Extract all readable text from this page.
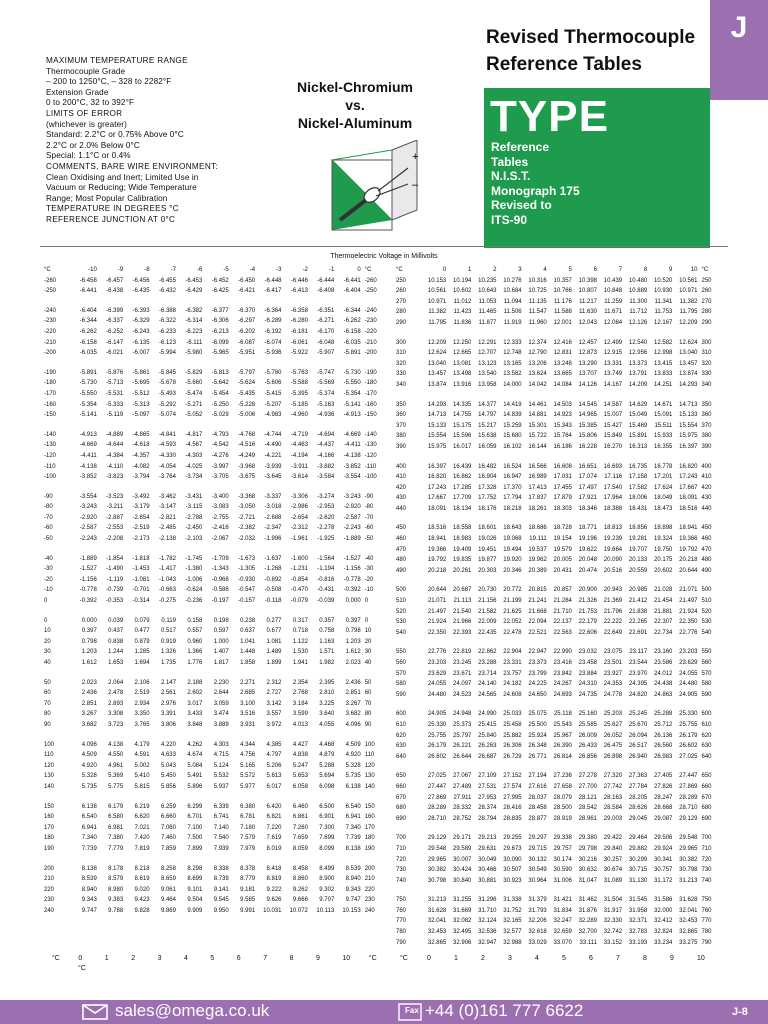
J
MAXIMUM TEMPERATURE RANGE
Thermocouple Grade
– 200 to 1250°C, – 328 to 2282°F
Extension Grade
0 to 200°C, 32 to 392°F
LIMITS OF ERROR
(whichever is greater)
Standard: 2.2°C or 0.75% Above 0°C
2.2°C or 2.0% Below 0°C
Special: 1.1°C or 0.4%
COMMENTS, BARE WIRE ENVIRONMENT:
Clean Oxidising and Inert; Limited Use in
Vacuum or Reducing; Wide Temperature
Range; Most Popular Calibration
TEMPERATURE IN DEGREES °C
REFERENCE JUNCTION AT 0°C
Nickel-Chromium
vs.
Nickel-Aluminum
+
–
Revised Thermocouple
Reference Tables
TYPE
Reference
Tables
N.I.S.T.
Monograph 175
Revised to
ITS-90
Thermoelectric Voltage in Millivolts
°C	-10	-9	-8	-7	-6	-5	-4	-3	-2	-1	0	°C
-260	-6.458	-6.457	-6.456	-6.455	-6.453	-6.452	-6.450	-6.448	-6.446	-6.444	-6.441	-260
-250	-6.441	-6.438	-6.435	-6.432	-6.429	-6.425	-6.421	-6.417	-6.413	-6.408	-6.404	-250

-240	-6.404	-6.399	-6.393	-6.388	-6.382	-6.377	-6.370	-6.364	-6.358	-6.351	-6.344	-240
-230	-6.344	-6.337	-6.329	-6.322	-6.314	-6.306	-6.297	-6.289	-6.280	-6.271	-6.262	-230
-220	-6.262	-6.252	-6.243	-6.233	-6.223	-6.213	-6.202	-6.192	-6.181	-6.170	-6.158	-220
-210	-6.158	-6.147	-6.135	-6.123	-6.111	-6.099	-6.087	-6.074	-6.061	-6.048	-6.035	-210
-200	-6.035	-6.021	-6.007	-5.994	-5.980	-5.965	-5.951	-5.936	-5.922	-5.907	-5.891	-200

-190	-5.891	-5.876	-5.861	-5.845	-5.829	-5.813	-5.797	-5.780	-5.763	-5.747	-5.730	-190
-180	-5.730	-5.713	-5.695	-5.678	-5.660	-5.642	-5.624	-5.606	-5.588	-5.569	-5.550	-180
-170	-5.550	-5.531	-5.512	-5.493	-5.474	-5.454	-5.435	-5.415	-5.395	-5.374	-5.354	-170
-160	-5.354	-5.333	-5.313	-5.292	-5.271	-5.250	-5.228	-5.207	-5.185	-5.163	-5.141	-160
-150	-5.141	-5.119	-5.097	-5.074	-5.052	-5.029	-5.006	-4.983	-4.960	-4.936	-4.913	-150

-140	-4.913	-4.889	-4.865	-4.841	-4.817	-4.793	-4.768	-4.744	-4.719	-4.694	-4.669	-140
-130	-4.669	-4.644	-4.618	-4.593	-4.567	-4.542	-4.516	-4.490	-4.463	-4.437	-4.411	-130
-120	-4.411	-4.384	-4.357	-4.330	-4.303	-4.276	-4.249	-4.221	-4.194	-4.166	-4.138	-120
-110	-4.138	-4.110	-4.082	-4.054	-4.025	-3.997	-3.968	-3.939	-3.911	-3.882	-3.852	-110
-100	-3.852	-3.823	-3.794	-3.764	-3.734	-3.705	-3.675	-3.645	-3.614	-3.584	-3.554	-100

-90	-3.554	-3.523	-3.492	-3.462	-3.431	-3.400	-3.368	-3.337	-3.306	-3.274	-3.243	-90
-80	-3.243	-3.211	-3.179	-3.147	-3.115	-3.083	-3.050	-3.018	-2.986	-2.953	-2.920	-80
-70	-2.920	-2.887	-2.854	-2.821	-2.788	-2.755	-2.721	-2.688	-2.654	-2.620	-2.587	-70
-60	-2.587	-2.553	-2.519	-2.485	-2.450	-2.416	-2.382	-2.347	-2.312	-2.278	-2.243	-60
-50	-2.243	-2.208	-2.173	-2.138	-2.103	-2.067	-2.032	-1.996	-1.961	-1.925	-1.889	-50

-40	-1.889	-1.854	-1.818	-1.782	-1.745	-1.709	-1.673	-1.637	-1.600	-1.564	-1.527	-40
-30	-1.527	-1.490	-1.453	-1.417	-1.380	-1.343	-1.305	-1.268	-1.231	-1.194	-1.156	-30
-20	-1.156	-1.119	-1.081	-1.043	-1.006	-0.968	-0.930	-0.892	-0.854	-0.816	-0.778	-20
-10	-0.778	-0.739	-0.701	-0.663	-0.624	-0.586	-0.547	-0.508	-0.470	-0.431	-0.392	-10
0	-0.392	-0.353	-0.314	-0.275	-0.236	-0.197	-0.157	-0.118	-0.079	-0.039	0.000	0

0	0.000	0.039	0.079	0.119	0.158	0.198	0.238	0.277	0.317	0.357	0.397	0
10	0.397	0.437	0.477	0.517	0.557	0.597	0.637	0.677	0.718	0.758	0.798	10
20	0.798	0.838	0.879	0.919	0.960	1.000	1.041	1.081	1.122	1.163	1.203	20
30	1.203	1.244	1.285	1.326	1.366	1.407	1.448	1.489	1.530	1.571	1.612	30
40	1.612	1.653	1.694	1.735	1.776	1.817	1.858	1.899	1.941	1.982	2.023	40

50	2.023	2.064	2.106	2.147	2.188	2.230	2.271	2.312	2.354	2.395	2.436	50
60	2.436	2.478	2.519	2.561	2.602	2.644	2.685	2.727	2.768	2.810	2.851	60
70	2.851	2.893	2.934	2.976	3.017	3.059	3.100	3.142	3.184	3.225	3.267	70
80	3.267	3.308	3.350	3.391	3.433	3.474	3.516	3.557	3.599	3.640	3.682	80
90	3.682	3.723	3.765	3.806	3.848	3.889	3.931	3.972	4.013	4.055	4.096	90

100	4.096	4.138	4.179	4.220	4.262	4.303	4.344	4.385	4.427	4.468	4.509	100
110	4.509	4.550	4.591	4.633	4.674	4.715	4.756	4.797	4.838	4.879	4.920	110
120	4.920	4.961	5.002	5.043	5.084	5.124	5.165	5.206	5.247	5.288	5.328	120
130	5.328	5.369	5.410	5.450	5.491	5.532	5.572	5.613	5.653	5.694	5.735	130
140	5.735	5.775	5.815	5.856	5.896	5.937	5.977	6.017	6.058	6.098	6.138	140

150	6.138	6.179	6.219	6.259	6.299	6.339	6.380	6.420	6.460	6.500	6.540	150
160	6.540	6.580	6.620	6.660	6.701	6.741	6.781	6.821	6.861	6.901	6.941	160
170	6.941	6.981	7.021	7.060	7.100	7.140	7.180	7.220	7.260	7.300	7.340	170
180	7.340	7.380	7.420	7.460	7.500	7.540	7.579	7.619	7.659	7.699	7.739	180
190	7.739	7.779	7.819	7.859	7.899	7.939	7.979	8.019	8.059	8.099	8.138	190

200	8.138	8.178	8.218	8.258	8.298	8.338	8.378	8.418	8.458	8.499	8.539	200
210	8.539	8.579	8.619	8.659	8.699	8.739	8.779	8.819	8.860	8.900	8.940	210
220	8.940	8.980	9.020	9.061	9.101	9.141	9.181	9.222	9.262	9.302	9.343	220
230	9.343	9.383	9.423	9.464	9.504	9.545	9.585	9.626	9.666	9.707	9.747	230
240	9.747	9.788	9.828	9.869	9.909	9.950	9.991	10.031	10.072	10.113	10.153	240
°C	0	1	2	3	4	5	6	7	8	9	10	°C
250	10.153	10.194	10.235	10.276	10.316	10.357	10.398	10.439	10.480	10.520	10.561	250
260	10.561	10.602	10.643	10.684	10.725	10.766	10.807	10.848	10.889	10.930	10.971	260
270	10.971	11.012	11.053	11.094	11.135	11.176	11.217	11.259	11.300	11.341	11.382	270
280	11.382	11.423	11.465	11.506	11.547	11.588	11.630	11.671	11.712	11.753	11.795	280
290	11.795	11.836	11.877	11.919	11.960	12.001	12.043	12.084	12.126	12.167	12.209	290

300	12.209	12.250	12.291	12.333	12.374	12.416	12.457	12.499	12.540	12.582	12.624	300
310	12.624	12.665	12.707	12.748	12.790	12.831	12.873	12.915	12.956	12.998	13.040	310
320	13.040	13.081	13.123	13.165	13.206	13.248	13.290	13.331	13.373	13.415	13.457	320
330	13.457	13.498	13.540	13.582	13.624	13.665	13.707	13.749	13.791	13.833	13.874	330
340	13.874	13.916	13.958	14.000	14.042	14.084	14.126	14.167	14.209	14.251	14.293	340

350	14.293	14.335	14.377	14.419	14.461	14.503	14.545	14.587	14.629	14.671	14.713	350
360	14.713	14.755	14.797	14.839	14.881	14.923	14.965	15.007	15.049	15.091	15.133	360
370	15.133	15.175	15.217	15.259	15.301	15.343	15.385	15.427	15.469	15.511	15.554	370
380	15.554	15.596	15.638	15.680	15.722	15.764	15.806	15.849	15.891	15.933	15.975	380
390	15.975	16.017	16.059	16.102	16.144	16.186	16.228	16.270	16.313	16.355	16.397	390

400	16.397	16.439	16.482	16.524	16.566	16.608	16.651	16.693	16.735	16.778	16.820	400
410	16.820	16.862	16.904	16.947	16.989	17.031	17.074	17.116	17.158	17.201	17.243	410
420	17.243	17.285	17.328	17.370	17.413	17.455	17.497	17.540	17.582	17.624	17.667	420
430	17.667	17.709	17.752	17.794	17.837	17.879	17.921	17.964	18.006	18.049	18.091	430
440	18.091	18.134	18.176	18.218	18.261	18.303	18.346	18.388	18.431	18.473	18.516	440

450	18.516	18.558	18.601	18.643	18.686	18.728	18.771	18.813	18.856	18.898	18.941	450
460	18.941	18.983	19.026	19.068	19.111	19.154	19.196	19.239	19.281	19.324	19.366	460
470	19.366	19.409	19.451	19.494	19.537	19.579	19.622	19.664	19.707	19.750	19.792	470
480	19.792	19.835	19.877	19.920	19.962	20.005	20.048	20.090	20.133	20.175	20.218	480
490	20.218	20.261	20.303	20.346	20.389	20.431	20.474	20.516	20.559	20.602	20.644	490

500	20.644	20.687	20.730	20.772	20.815	20.857	20.900	20.943	20.985	21.028	21.071	500
510	21.071	21.113	21.156	21.199	21.241	21.284	21.326	21.369	21.412	21.454	21.497	510
520	21.497	21.540	21.582	21.625	21.668	21.710	21.753	21.796	21.838	21.881	21.924	520
530	21.924	21.966	22.009	22.052	22.094	22.137	22.179	22.222	22.265	22.307	22.350	530
540	22.350	22.393	22.435	22.478	22.521	22.563	22.606	22.649	22.691	22.734	22.776	540

550	22.776	22.819	22.862	22.904	22.947	22.990	23.032	23.075	23.117	23.160	23.203	550
560	23.203	23.245	23.288	23.331	23.373	23.416	23.458	23.501	23.544	23.586	23.629	560
570	23.629	23.671	23.714	23.757	23.799	23.842	23.884	23.927	23.970	24.012	24.055	570
580	24.055	24.097	24.140	24.182	24.225	24.267	24.310	24.353	24.395	24.438	24.480	580
590	24.480	24.523	24.565	24.608	24.650	24.693	24.735	24.778	24.820	24.863	24.905	590

600	24.905	24.948	24.990	25.033	25.075	25.118	25.160	25.203	25.245	25.288	25.330	600
610	25.330	25.373	25.415	25.458	25.500	25.543	25.585	25.627	25.670	25.712	25.755	610
620	25.755	25.797	25.840	25.882	25.924	25.967	26.009	26.052	26.094	26.136	26.179	620
630	26.179	26.221	26.263	26.306	26.348	26.390	26.433	26.475	26.517	26.560	26.602	630
640	26.602	26.644	26.687	26.729	26.771	26.814	26.856	26.898	26.940	26.983	27.025	640

650	27.025	27.067	27.109	27.152	27.194	27.236	27.278	27.320	27.363	27.405	27.447	650
660	27.447	27.489	27.531	27.574	27.616	27.658	27.700	27.742	27.784	27.826	27.869	660
670	27.869	27.911	27.953	27.995	28.037	28.079	28.121	28.163	28.205	28.247	28.289	670
680	28.289	28.332	28.374	28.416	28.458	28.500	28.542	28.584	28.626	28.668	28.710	680
690	28.710	28.752	28.794	28.835	28.877	28.919	28.961	29.003	29.045	29.087	29.129	690

700	29.129	29.171	29.213	29.255	29.297	29.338	29.380	29.422	29.464	29.506	29.548	700
710	29.548	29.589	29.631	29.673	29.715	29.757	29.798	29.840	29.882	29.924	29.965	710
720	29.965	30.007	30.049	30.090	30.132	30.174	30.216	30.257	30.299	30.341	30.382	720
730	30.382	30.424	30.466	30.507	30.549	30.590	30.632	30.674	30.715	30.757	30.798	730
740	30.798	30.840	30.881	30.923	30.964	31.006	31.047	31.089	31.130	31.172	31.213	740

750	31.213	31.255	31.296	31.338	31.379	31.421	31.462	31.504	31.545	31.586	31.628	750
760	31.628	31.669	31.710	31.752	31.793	31.834	31.876	31.917	31.958	32.000	32.041	760
770	32.041	32.082	32.124	32.165	32.206	32.247	32.289	32.330	32.371	32.412	32.453	770
780	32.453	32.495	32.536	32.577	32.618	32.659	32.700	32.742	32.783	32.824	32.865	780
790	32.865	32.906	32.947	32.988	33.029	33.070	33.111	33.152	33.193	33.234	33.275	790
°C	0	1	2	3	4	5	6	7	8	9	10	°C
°C
°C	0	1	2	3	4	5	6	7	8	9	10
sales@omega.co.uk	Fax +44 (0)161 777 6622	J-8
